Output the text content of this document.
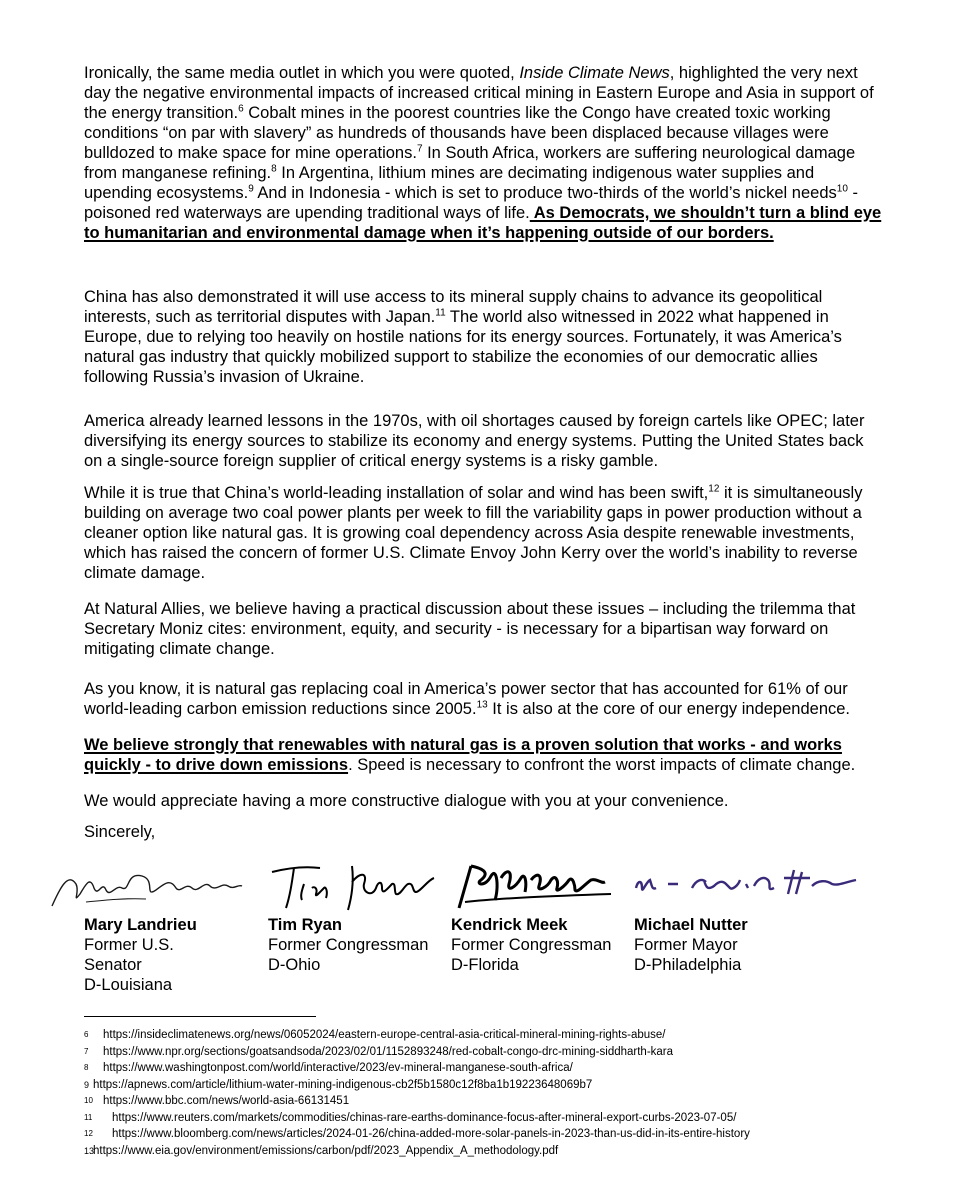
Ironically, the same media outlet in which you were quoted, Inside Climate News, highlighted the very next day the negative environmental impacts of increased critical mining in Eastern Europe and Asia in support of the energy transition.$^6$ Cobalt mines in the poorest countries like the Congo have created toxic working conditions “on par with slavery” as hundreds of thousands have been displaced because villages were bulldozed to make space for mine operations.$^7$ In South Africa, workers are suffering neurological damage from manganese refining.$^8$ In Argentina, lithium mines are decimating indigenous water supplies and upending ecosystems.$^9$ And in Indonesia - which is set to produce two-thirds of the world’s nickel needs$^{10}$ - poisoned red waterways are upending traditional ways of life. As Democrats, we shouldn’t turn a blind eye to humanitarian and environmental damage when it’s happening outside of our borders.

China has also demonstrated it will use access to its mineral supply chains to advance its geopolitical interests, such as territorial disputes with Japan.$^{11}$ The world also witnessed in 2022 what happened in Europe, due to relying too heavily on hostile nations for its energy sources. Fortunately, it was America’s natural gas industry that quickly mobilized support to stabilize the economies of our democratic allies following Russia’s invasion of Ukraine.

America already learned lessons in the 1970s, with oil shortages caused by foreign cartels like OPEC; later diversifying its energy sources to stabilize its economy and energy systems. Putting the United States back on a single-source foreign supplier of critical energy systems is a risky gamble.

While it is true that China’s world-leading installation of solar and wind has been swift,$^{12}$ it is simultaneously building on average two coal power plants per week to fill the variability gaps in power production without a cleaner option like natural gas. It is growing coal dependency across Asia despite renewable investments, which has raised the concern of former U.S. Climate Envoy John Kerry over the world’s inability to reverse climate damage.

At Natural Allies, we believe having a practical discussion about these issues – including the trilemma that Secretary Moniz cites: environment, equity, and security - is necessary for a bipartisan way forward on mitigating climate change.

As you know, it is natural gas replacing coal in America’s power sector that has accounted for 61% of our world-leading carbon emission reductions since 2005.13 It is also at the core of our energy independence.

We believe strongly that renewables with natural gas is a proven solution that works - and works quickly - to drive down emissions. Speed is necessary to confront the worst impacts of climate change.

We would appreciate having a more constructive dialogue with you at your convenience.

Sincerely,

Mary Landrieu
Former U.S. Senator
D-Louisiana
Tim Ryan
Former Congressman
D-Ohio
Kendrick Meek
Former Congressman
D-Florida
Michael Nutter
Former Mayor
D-Philadelphia
6 https://insideclimatenews.org/news/06052024/eastern-europe-central-asia-critical-mineral-mining-rights-abuse/
7 https://www.npr.org/sections/goatsandsoda/2023/02/01/1152893248/red-cobalt-congo-drc-mining-siddharth-kara
8 https://www.washingtonpost.com/world/interactive/2023/ev-mineral-manganese-south-africa/
9 https://apnews.com/article/lithium-water-mining-indigenous-cb2f5b1580c12f8ba1b19223648069b7
10 https://www.bbc.com/news/world-asia-66131451
11 https://www.reuters.com/markets/commodities/chinas-rare-earths-dominance-focus-after-mineral-export-curbs-2023-07-05/
12 https://www.bloomberg.com/news/articles/2024-01-26/china-added-more-solar-panels-in-2023-than-us-did-in-its-entire-history
13https://www.eia.gov/environment/emissions/carbon/pdf/2023_Appendix_A_methodology.pdf
